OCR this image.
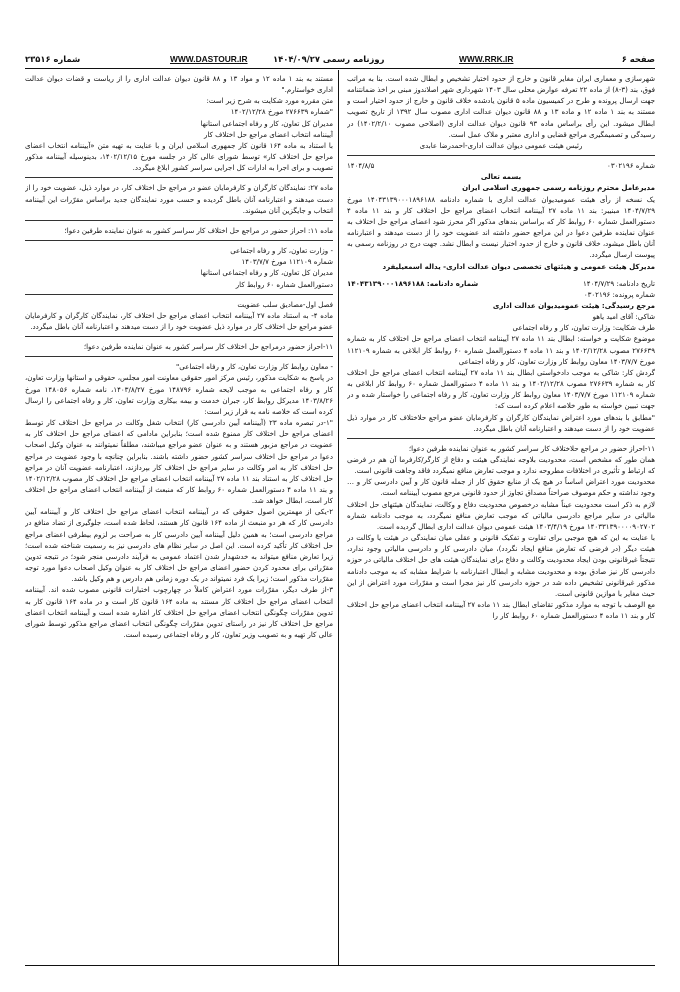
صفحه ۶
WWW.RRK.IR
روزنامه رسمی ۱۴۰۴/۰۹/۲۷
WWW.DASTOUR.IR
شماره ۲۳۵۱۶

شهرسازی و معماری ایران مغایر قانون و خارج از حدود اختیار تشخیص و ابطال شده است. بنا به مراتب فوق، بند (۳-۸) از ماده ۲۲ تعرفه عوارض محلی سال ۱۴۰۳ شهرداری شهر اصلاندوز مبنی بر اخذ ضمانتنامه جهت ارسال پرونده و طرح در کمیسیون ماده ۵ قانون یادشده خلاف قانون و خارج از حدود اختیار است و مستند به بند ۱ ماده ۱۲ و ماده ۱۳ و ۸۸ قانون دیوان عدالت اداری مصوب سال ۱۳۹۲ از تاریخ تصویب ابطال میشود. این رأی براساس ماده ۹۳ قانون دیوان عدالت اداری (اصلاحی مصوب ۱۴۰۲/۲/۱۰) در رسیدگی و تصمیمگیری مراجع قضایی و اداری معتبر و ملاک عمل است.

رئیس هیئت عمومی دیوان عدالت اداری-احمدرضا عابدی

شماره ۰۳۰۲۱۹۶
۱۴۰۴/۸/۵

بسمه تعالی

مدیرعامل محترم روزنامه رسمی جمهوری اسلامی ایران

یک نسخه از رأی هیئت عمومیدیوان عدالت اداری با شماره دادنامه ۱۴۰۴۳۱۳۹۰۰۰۱۸۹۶۱۸۸ مورخ ۱۴۰۴/۷/۲۹ مبنیبر: بند ۱۱ ماده ۲۷ آییننامه انتخاب اعضای مراجع حل اختلاف کار و بند ۱۱ ماده ۴ دستورالعمل شماره ۶۰ روابط کار که براساس بندهای مذکور اگر محرز شود اعضای مراجع حل اختلاف به عنوان نماینده طرفین دعوا در این مراجع حضور داشته اند عضویت خود را از دست میدهند و اعتبارنامه آنان باطل میشود، خلاف قانون و خارج از حدود اختیار نیست و ابطال نشد. جهت درج در روزنامه رسمی به پیوست ارسال میگردد.

مدیرکل هیئت عمومی و هیئتهای تخصصی دیوان عدالت اداری- یداله اسمعیلیفرد

تاریخ دادنامه: ۱۴۰۴/۷/۲۹
شماره دادنامه: ۱۴۰۴۳۱۳۹۰۰۰۱۸۹۶۱۸۸

شماره پرونده: ۰۳۰۲۱۹۶

مرجع رسیدگی: هیئت عمومیدیوان عدالت اداری

شاکی: آقای امید یاهو

طرف شکایت: وزارت تعاون، کار و رفاه اجتماعی

موضوع شکایت و خواسته: ابطال بند ۱۱ ماده ۲۷ آییننامه انتخاب اعضای مراجع حل اختلاف کار به شماره ۲۷۶۶۳۹ مصوب ۱۴۰۲/۱۲/۲۸ و بند ۱۱ ماده ۴ دستورالعمل شماره ۶۰ روابط کار ابلاغی به شماره ۱۱۲۱۰۹ مورخ ۱۴۰۳/۷/۷ معاون روابط کار وزارت تعاون، کار و رفاه اجتماعی

گردش کار: شاکی به موجب دادخواستی ابطال بند ۱۱ ماده ۲۷ آییننامه انتخاب اعضای مراجع حل اختلاف کار به شماره ۲۷۶۶۳۹ مصوب ۱۴۰۲/۱۲/۲۸ و بند ۱۱ ماده ۴ دستورالعمل شماره ۶۰ روابط کار ابلاغی به شماره ۱۱۲۱۰۹ مورخ ۱۴۰۳/۷/۷ معاون روابط کار وزارت تعاون، کار و رفاه اجتماعی را خواستار شده و در جهت تبیین خواسته به طور خلاصه اعلام کرده است که:

"مطابق با بندهای مورد اعتراض نمایندگان کارگران و کارفرمایان عضو مراجع حلاختلاف کار در موارد ذیل عضویت خود را از دست میدهند و اعتبارنامه آنان باطل میگردد.

۱۱-احراز حضور در مراجع حلاختلاف کار سراسر کشور به عنوان نماینده طرفین دعوا؛

همان طور که مشخص است، محدودیت بلاوجه نمایندگی هیئت و دفاع از کارگر/کارفرما آن هم در فرضی که ارتباط و تأثیری در اختلافات مطروحه ندارد و موجب تعارض منافع نمیگردد فاقد وجاهت قانونی است.

محدودیت مورد اعتراض اساساً در هیچ یک از منابع حقوق کار از جمله قانون کار و آیین دادرسی کار و … وجود نداشته و حکم موصوف صراحتاً مصداق تجاوز از حدود قانونی مرجع مصوب آییننامه است.

لازم به ذکر است محدودیت عیناً مشابه درخصوص محدودیت دفاع و وکالت، نمایندگان هیئتهای حل اختلاف مالیاتی در سایر مراجع دادرسی مالیاتی که موجب تعارض منافع نمیگردد، به موجب دادنامه شماره ۱۴۰۳۳۱۳۹۰۰۰۰۹۰۲۷۰۲ مورخ ۱۴۰۳/۴/۱۹ هیئت عمومی دیوان عدالت اداری ابطال گردیده است.

با عنایت به این که هیچ موجبی برای تفاوت و تفکیک قانونی و عقلی میان نمایندگی در هیئت یا وکالت در هیئت دیگر (در فرضی که تعارض منافع ایجاد نگردد)، میان دادرسی کار و دادرسی مالیاتی وجود ندارد، نتیجتاً غیرقانونی بودن ایجاد محدودیت وکالت و دفاع برای نمایندگان هیئت های حل اختلاف مالیاتی در حوزه دادرسی کار نیز صادق بوده و محدودیت مشابه و ابطال اعتبارنامه با شرایط مشابه که به موجب دادنامه مذکور غیرقانونی تشخیص داده شد در حوزه دادرسی کار نیز مجرا است و مقرّرات مورد اعتراض از این حیث مغایر با موازین قانونی است.

مع الوصف با توجه به موارد مذکور تقاضای ابطال بند ۱۱ ماده ۲۷ آییننامه انتخاب اعضای مراجع حل اختلاف کار و بند ۱۱ ماده ۴ دستورالعمل شماره ۶۰ روابط کار را

مستند به بند ۱ ماده ۱۲ و مواد ۱۳ و ۸۸ قانون دیوان عدالت اداری را از ریاست و قضات دیوان عدالت اداری خواستارم."

متن مقرره مورد شکایت به شرح زیر است:

"شماره ۲۷۶۶۳۹ مورخ ۱۴۰۲/۱۲/۲۸

مدیران کل تعاون، کار و رفاه اجتماعی استانها

آییننامه انتخاب اعضای مراجع حل اختلاف کار

با استناد به ماده ۱۶۴ قانون کار جمهوری اسلامی ایران و با عنایت به تهیه متن «آییننامه انتخاب اعضای مراجع حل اختلاف کار» توسط شورای عالی کار در جلسه مورخ ۱۴۰۲/۱۲/۱۵، بدینوسیله آییننامه مذکور تصویب و برای اجرا به ادارات کل اجرایی سراسر کشور ابلاغ میگردد.

ماده ۲۷: نمایندگان کارگران و کارفرمایان عضو در مراجع حل اختلاف کار، در موارد ذیل، عضویت خود را از دست میدهند و اعتبارنامه آنان باطل گردیده و حسب مورد نمایندگان جدید براساس مقرّرات این آییننامه انتخاب و جایگزین آنان میشوند.

ماده ۱۱: احراز حضور در مراجع حل اختلاف کار سراسر کشور به عنوان نماینده طرفین دعوا؛

- وزارت تعاون، کار و رفاه اجتماعی

شماره ۱۱۲۱۰۹ مورخ ۱۴۰۳/۷/۷

مدیران کل تعاون، کار و رفاه اجتماعی استانها

دستورالعمل شماره ۶۰ روابط کار

فصل اول-مصادیق سلب عضویت

ماده ۴- به استناد ماده ۲۷ آییننامه انتخاب اعضای مراجع حل اختلاف کار، نمایندگان کارگران و کارفرمایان عضو مراجع حل اختلاف کار در موارد ذیل عضویت خود را از دست میدهند و اعتبارنامه آنان باطل میگردد.

۱۱-احراز حضور درمراجع حل اختلاف کار سراسر کشور به عنوان نماینده طرفین دعوا؛

- معاون روابط کار وزارت تعاون، کار و رفاه اجتماعی"

در پاسخ به شکایت مذکور، رئیس مرکز امور حقوقی معاونت امور مجلس، حقوقی و استانها وزارت تعاون، کار و رفاه اجتماعی به موجب لایحه شماره ۱۴۸۷۹۶ مورخ ۱۴۰۳/۸/۲۷، نامه شماره ۱۴۸۰۵۶ مورخ ۱۴۰۳/۸/۲۶ مدیرکل روابط کار، جبران خدمت و بیمه بیکاری وزارت تعاون، کار و رفاه اجتماعی را ارسال کرده است که خلاصه نامه به قرار زیر است:

"۱-در تبصره ماده ۲۳ (آییننامه آیین دادرسی کار) انتخاب شغل وکالت در مراجع حل اختلاف کار توسط اعضای مراجع حل اختلاف کار ممنوع شده است؛ بنابراین مادامی که اعضای مراجع حل اختلاف کار به عضویت در مراجع مزبور هستند و به عنوان عضو مراجع میباشند، مطلقاً نمیتوانند به عنوان وکیل اصحاب دعوا در مراجع حل اختلاف سراسر کشور حضور داشته باشند. بنابراین چنانچه با وجود عضویت در مراجع حل اختلاف کار به امر وکالت در سایر مراجع حل اختلاف کار بپردازند، اعتبارنامه عضویت آنان در مراجع حل اختلاف کار به استناد بند ۱۱ ماده ۲۷ آییننامه انتخاب اعضای مراجع حل اختلاف کار مصوب ۱۴۰۲/۱۲/۲۸ و بند ۱۱ ماده ۴ دستورالعمل شماره ۶۰ روابط کار که منبعث از آییننامه انتخاب اعضای مراجع حل اختلاف کار است، ابطال خواهد شد.

۲-یکی از مهمترین اصول حقوقی که در آییننامه انتخاب اعضای مراجع حل اختلاف کار و آییننامه آیین دادرسی کار که هر دو منبعث از ماده ۱۶۴ قانون کار هستند، لحاظ شده است، جلوگیری از تضاد منافع در مراجع دادرسی است؛ به همین دلیل آییننامه آیین دادرسی کار به صراحت بر لزوم بیطرفی اعضای مراجع حل اختلاف کار تأکید کرده است. این اصل در سایر نظام های دادرسی نیز به رسمیت شناخته شده است؛ زیرا تعارض منافع میتواند به خدشهدار شدن اعتماد عمومی به فرآیند دادرسی منجر شود؛ در نتیجه تدوین مقرّراتی برای محدود کردن حضور اعضای مراجع حل اختلاف کار به عنوان وکیل اصحاب دعوا مورد توجه مقرّرات مذکور است؛ زیرا یک فرد نمیتواند در یک دوره زمانی هم دادرس و هم وکیل باشد.

۳-از طرف دیگر، مقرّرات مورد اعتراض کاملاً در چهارچوب اختیارات قانونی مصوب شده اند. آییننامه انتخاب اعضای مراجع حل اختلاف کار مستند به ماده ۱۶۴ قانون کار است و در ماده ۱۶۴ قانون کار به تدوین مقرّرات چگونگی انتخاب اعضای مراجع حل اختلاف کار اشاره شده است و آییننامه انتخاب اعضای مراجع حل اختلاف کار نیز در راستای تدوین مقرّرات چگونگی انتخاب اعضای مراجع مذکور توسط شورای عالی کار تهیه و به تصویب وزیر تعاون، کار و رفاه اجتماعی رسیده است.
